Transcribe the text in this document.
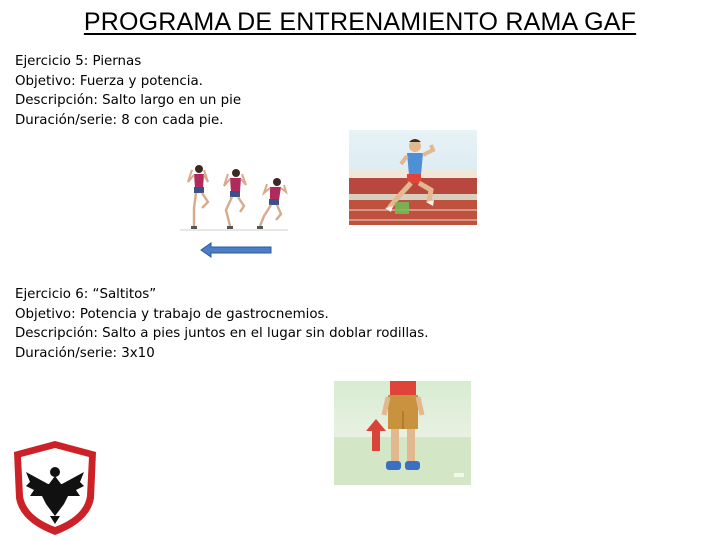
PROGRAMA DE ENTRENAMIENTO RAMA GAF

Ejercicio 5: Piernas

Objetivo: Fuerza y potencia.

Descripción: Salto largo en un pie

Duración/serie: 8 con cada pie.

Ejercicio 6: “Saltitos”

Objetivo: Potencia y trabajo de gastrocnemios.

Descripción: Salto a pies juntos en el lugar sin doblar rodillas.

Duración/serie: 3x10
